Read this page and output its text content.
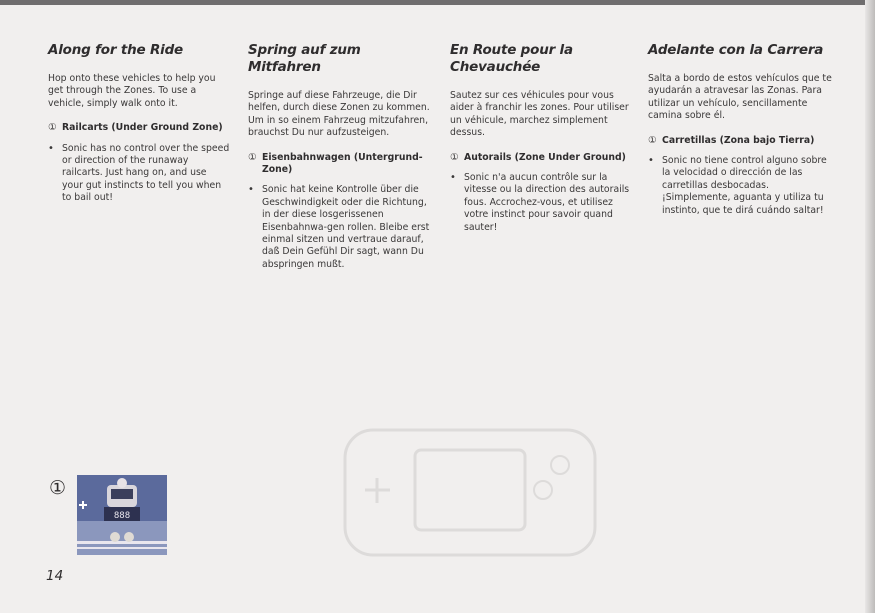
Along for the Ride

Hop onto these vehicles to help you get through the Zones. To use a vehicle, simply walk onto it.

① Railcarts (Under Ground Zone)
• Sonic has no control over the speed or direction of the runaway railcarts. Just hang on, and use your gut instincts to tell you when to bail out!
Spring auf zum Mitfahren

Springe auf diese Fahrzeuge, die Dir helfen, durch diese Zonen zu kommen. Um in so einem Fahrzeug mitzufahren, brauchst Du nur aufzusteigen.

① Eisenbahnwagen (Untergrund-Zone)
• Sonic hat keine Kontrolle über die Geschwindigkeit oder die Richtung, in der diese losgerissenen Eisenbahnwa-gen rollen. Bleibe erst einmal sitzen und vertraue darauf, daß Dein Gefühl Dir sagt, wann Du abspringen mußt.
En Route pour la Chevauchée

Sautez sur ces véhicules pour vous aider à franchir les zones. Pour utiliser un véhicule, marchez simplement dessus.

① Autorails (Zone Under Ground)
• Sonic n'a aucun contrôle sur la vitesse ou la direction des autorails fous. Accrochez-vous, et utilisez votre instinct pour savoir quand sauter!
Adelante con la Carrera

Salta a bordo de estos vehículos que te ayudarán a atravesar las Zonas. Para utilizar un vehículo, sencillamente camina sobre él.

① Carretillas (Zona bajo Tierra)
• Sonic no tiene control alguno sobre la velocidad o dirección de las carretillas desbocadas. ¡Simplemente, aguanta y utiliza tu instinto, que te dirá cuándo saltar!
①
888
14
